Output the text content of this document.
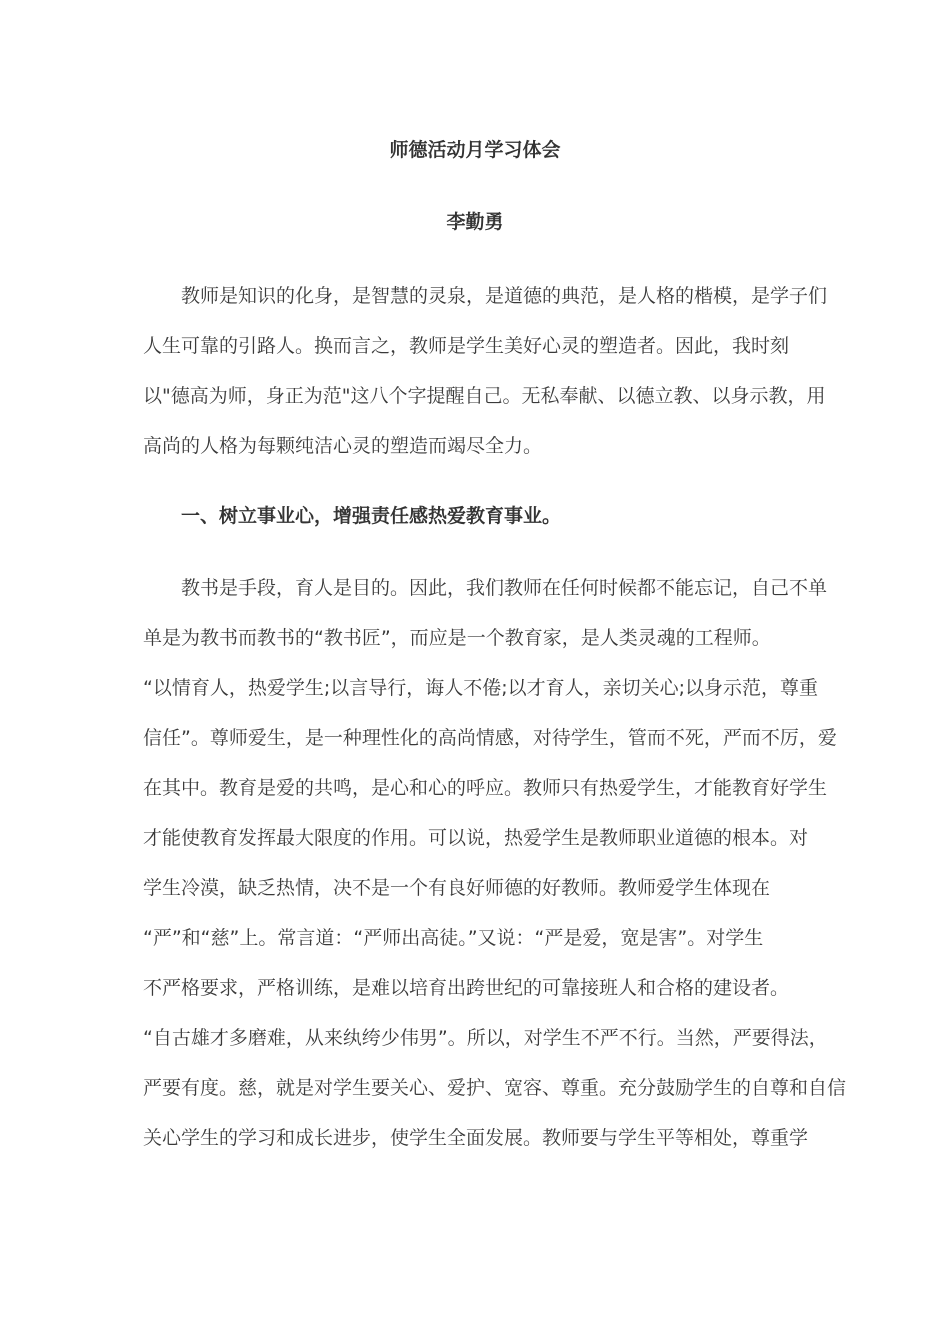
师德活动月学习体会
李勤勇
教师是知识的化身，是智慧的灵泉，是道德的典范，是人格的楷模，是学子们
人生可靠的引路人。换而言之，教师是学生美好心灵的塑造者。因此，我时刻
以"德高为师，身正为范"这八个字提醒自己。无私奉献、以德立教、以身示教，用
高尚的人格为每颗纯洁心灵的塑造而竭尽全力。
一、树立事业心，增强责任感热爱教育事业。
教书是手段，育人是目的。因此，我们教师在任何时候都不能忘记，自己不单
单是为教书而教书的“教书匠”，而应是一个教育家，是人类灵魂的工程师。
“以情育人，热爱学生;以言导行，诲人不倦;以才育人，亲切关心;以身示范，尊重
信任”。尊师爱生，是一种理性化的高尚情感，对待学生，管而不死，严而不厉，爱
在其中。教育是爱的共鸣，是心和心的呼应。教师只有热爱学生，才能教育好学生
才能使教育发挥最大限度的作用。可以说，热爱学生是教师职业道德的根本。对
学生冷漠，缺乏热情，决不是一个有良好师德的好教师。教师爱学生体现在
“严”和“慈”上。常言道：“严师出高徒。”又说：“严是爱，宽是害”。对学生
不严格要求，严格训练，是难以培育出跨世纪的可靠接班人和合格的建设者。
“自古雄才多磨难，从来纨绔少伟男”。所以，对学生不严不行。当然，严要得法，
严要有度。慈，就是对学生要关心、爱护、宽容、尊重。充分鼓励学生的自尊和自信
关心学生的学习和成长进步，使学生全面发展。教师要与学生平等相处，尊重学
